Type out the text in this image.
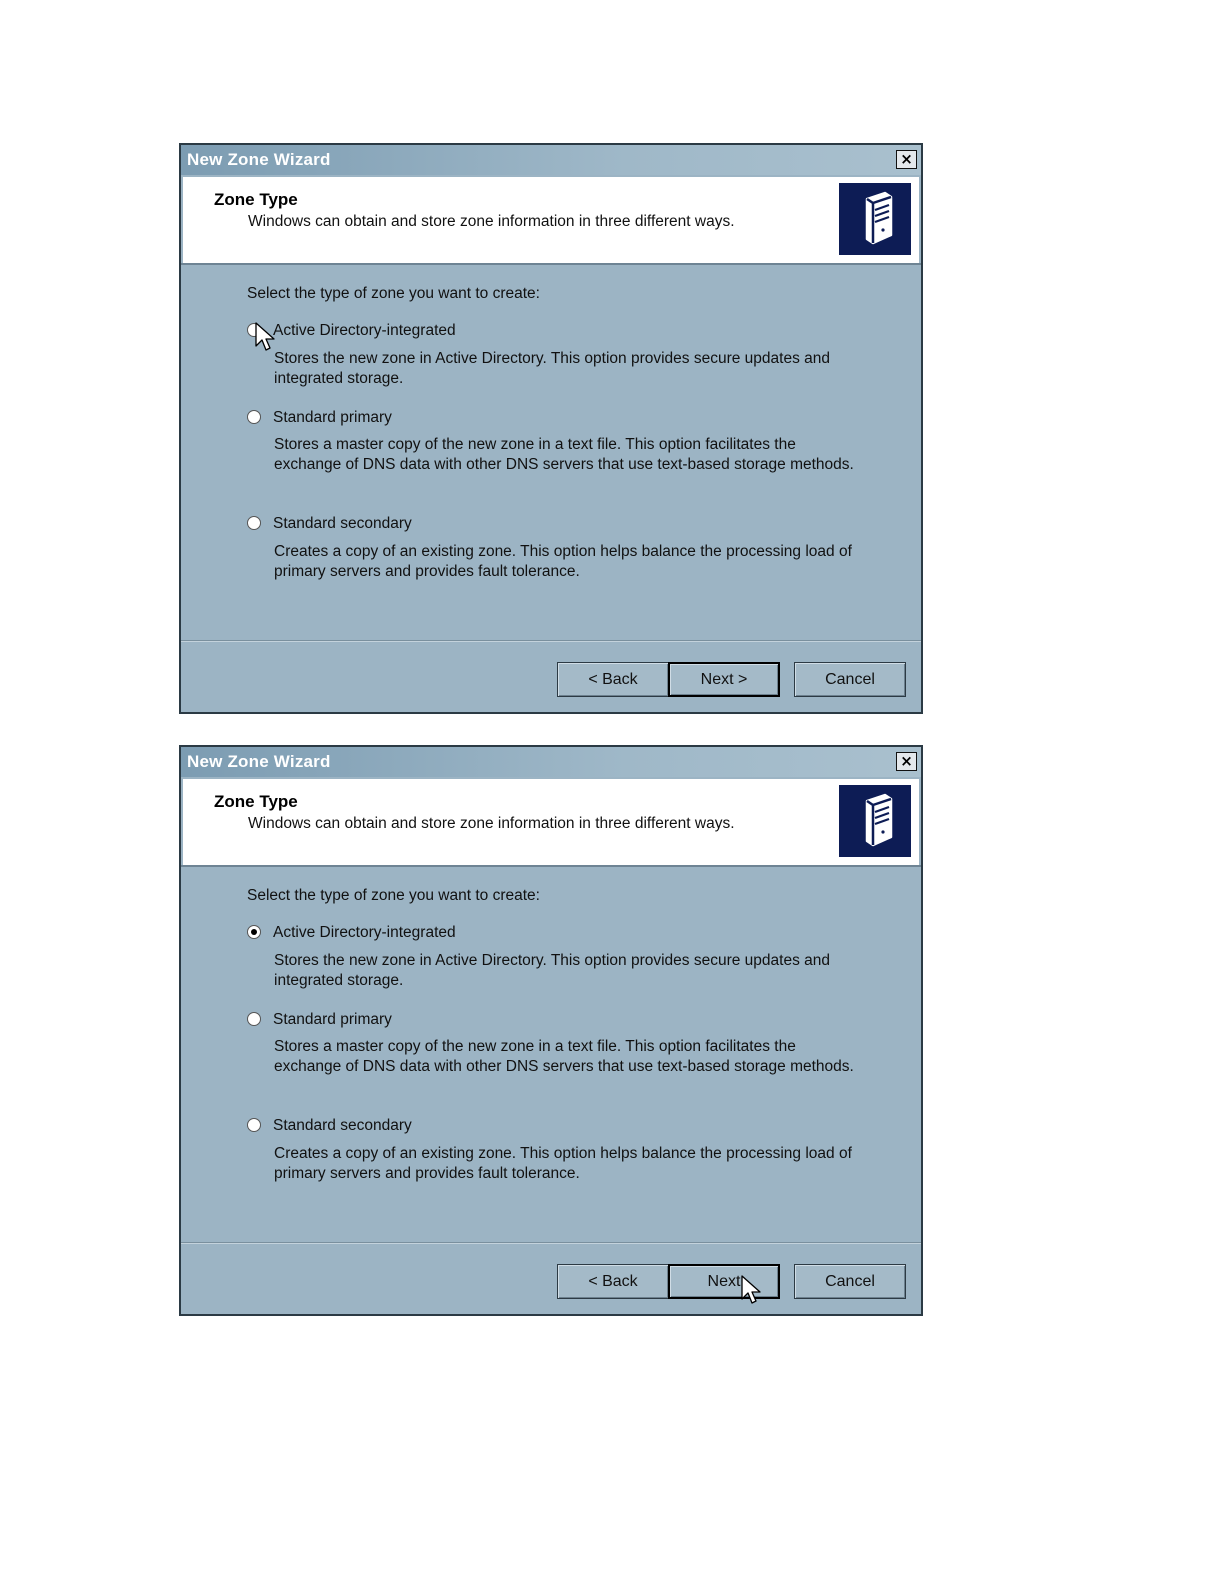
New Zone Wizard	×
Zone Type
Windows can obtain and store zone information in three different ways.
Select the type of zone you want to create:
Active Directory-integrated
Stores the new zone in Active Directory. This option provides secure updates and integrated storage.
Standard primary
Stores a master copy of the new zone in a text file. This option facilitates the exchange of DNS data with other DNS servers that use text-based storage methods.
Standard secondary
Creates a copy of an existing zone. This option helps balance the processing load of primary servers and provides fault tolerance.
< Back	Next >	Cancel
New Zone Wizard	×
Zone Type
Windows can obtain and store zone information in three different ways.
Select the type of zone you want to create:
Active Directory-integrated
Stores the new zone in Active Directory. This option provides secure updates and integrated storage.
Standard primary
Stores a master copy of the new zone in a text file. This option facilitates the exchange of DNS data with other DNS servers that use text-based storage methods.
Standard secondary
Creates a copy of an existing zone. This option helps balance the processing load of primary servers and provides fault tolerance.
< Back	Next	Cancel
